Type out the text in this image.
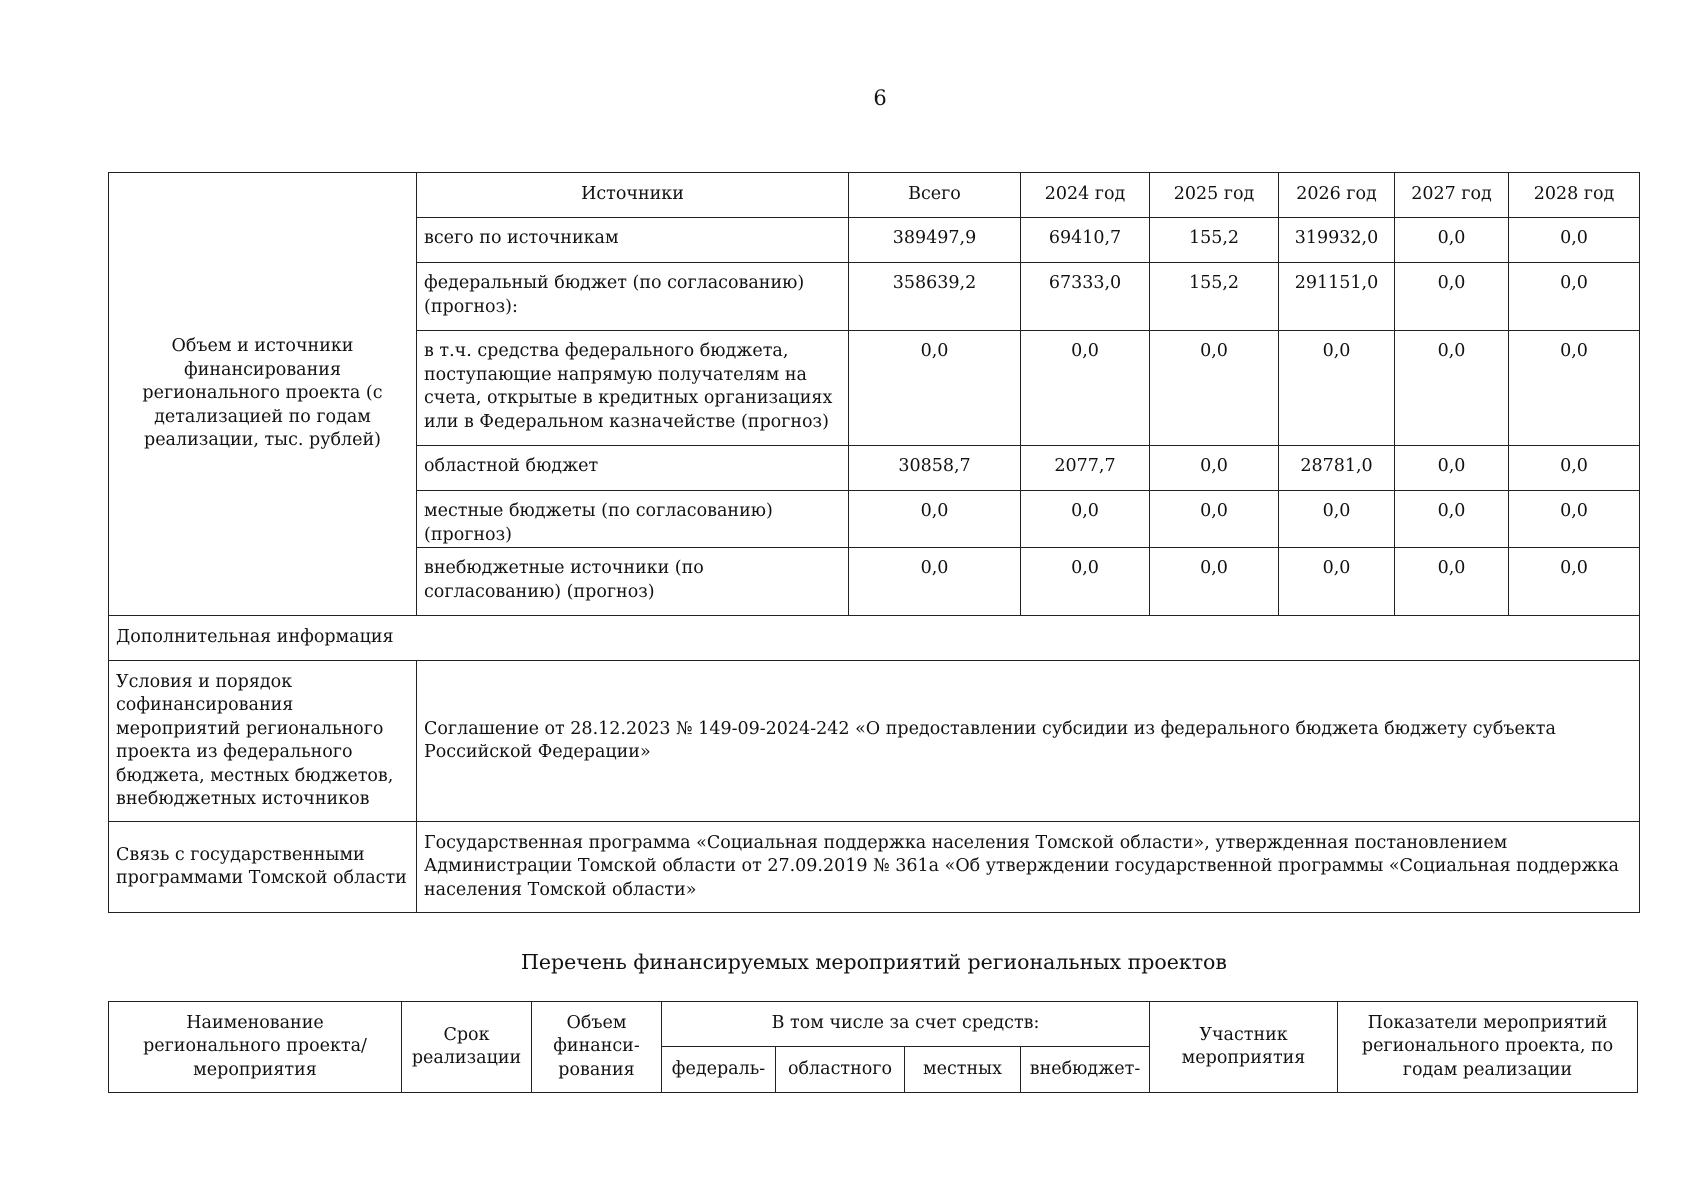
6
Объем и источники финансирования регионального проекта (с детализацией по годам реализации, тыс. рублей)	Источники	Всего	2024 год	2025 год	2026 год	2027 год	2028 год
	всего по источникам	389497,9	69410,7	155,2	319932,0	0,0	0,0
	федеральный бюджет (по согласованию) (прогноз):	358639,2	67333,0	155,2	291151,0	0,0	0,0
	в т.ч. средства федерального бюджета, поступающие напрямую получателям на счета, открытые в кредитных организациях или в Федеральном казначействе (прогноз)	0,0	0,0	0,0	0,0	0,0	0,0
	областной бюджет	30858,7	2077,7	0,0	28781,0	0,0	0,0
	местные бюджеты (по согласованию) (прогноз)	0,0	0,0	0,0	0,0	0,0	0,0
	внебюджетные источники (по согласованию) (прогноз)	0,0	0,0	0,0	0,0	0,0	0,0
Дополнительная информация							
Условия и порядок софинансирования мероприятий регионального проекта из федерального бюджета, местных бюджетов, внебюджетных источников	Соглашение от 28.12.2023 № 149-09-2024-242 «О предоставлении субсидии из федерального бюджета бюджету субъекта Российской Федерации»						
Связь с государственными программами Томской области	Государственная программа «Социальная поддержка населения Томской области», утвержденная постановлением Администрации Томской области от 27.09.2019 № 361а «Об утверждении государственной программы «Социальная поддержка населения Томской области»						
Перечень финансируемых мероприятий региональных проектов
Наименование регионального проекта/ мероприятия	Срок реализации	Объем финанси-рования	В том числе за счет средств:				Участник мероприятия	Показатели мероприятий регионального проекта, по годам реализации
			федераль-	областного	местных	внебюджет-		
